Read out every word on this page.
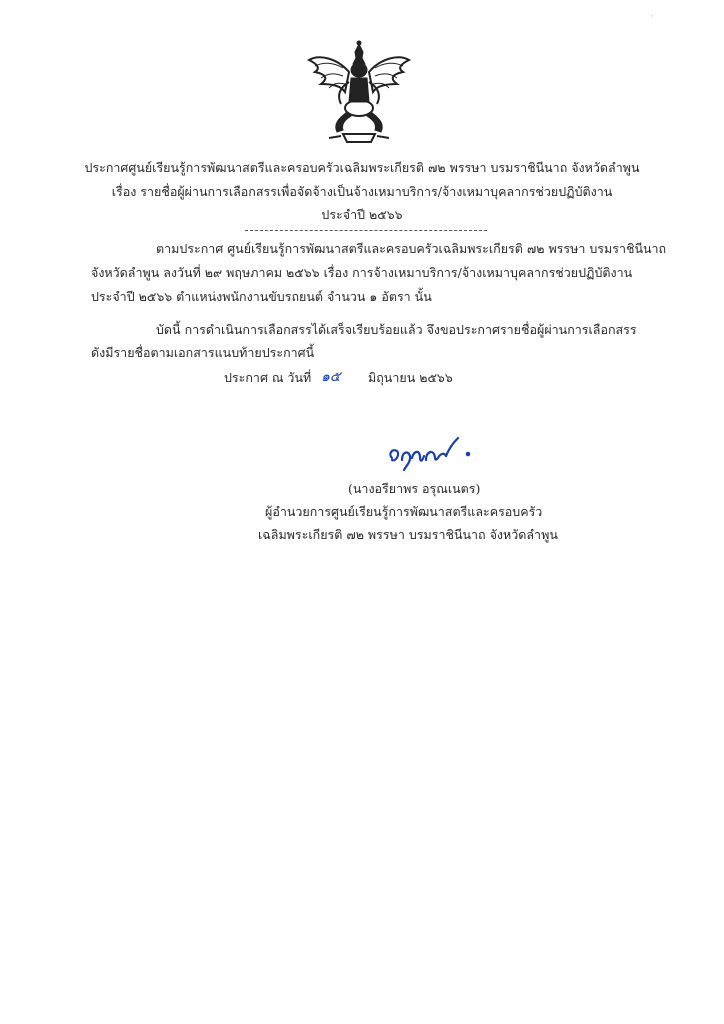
·
ประกาศศูนย์เรียนรู้การพัฒนาสตรีและครอบครัวเฉลิมพระเกียรติ ๗๒ พรรษา บรมราชินีนาถ จังหวัดลำพูน
เรื่อง รายชื่อผู้ผ่านการเลือกสรรเพื่อจัดจ้างเป็นจ้างเหมาบริการ/จ้างเหมาบุคลากรช่วยปฏิบัติงาน
ประจำปี ๒๕๖๖
ตามประกาศ ศูนย์เรียนรู้การพัฒนาสตรีและครอบครัวเฉลิมพระเกียรติ ๗๒ พรรษา บรมราชินีนาถ
จังหวัดลำพูน ลงวันที่ ๒๙ พฤษภาคม ๒๕๖๖ เรื่อง การจ้างเหมาบริการ/จ้างเหมาบุคลากรช่วยปฏิบัติงาน
ประจำปี ๒๕๖๖ ตำแหน่งพนักงานขับรถยนต์ จำนวน ๑ อัตรา นั้น
บัดนี้ การดำเนินการเลือกสรรได้เสร็จเรียบร้อยแล้ว จึงขอประกาศรายชื่อผู้ผ่านการเลือกสรร
ดังมีรายชื่อตามเอกสารแนบท้ายประกาศนี้
ประกาศ ณ วันที่ ๑๕ มิถุนายน ๒๕๖๖
(นางอรียาพร อรุณเนตร)
ผู้อำนวยการศูนย์เรียนรู้การพัฒนาสตรีและครอบครัว
เฉลิมพระเกียรติ ๗๒ พรรษา บรมราชินีนาถ จังหวัดลำพูน
